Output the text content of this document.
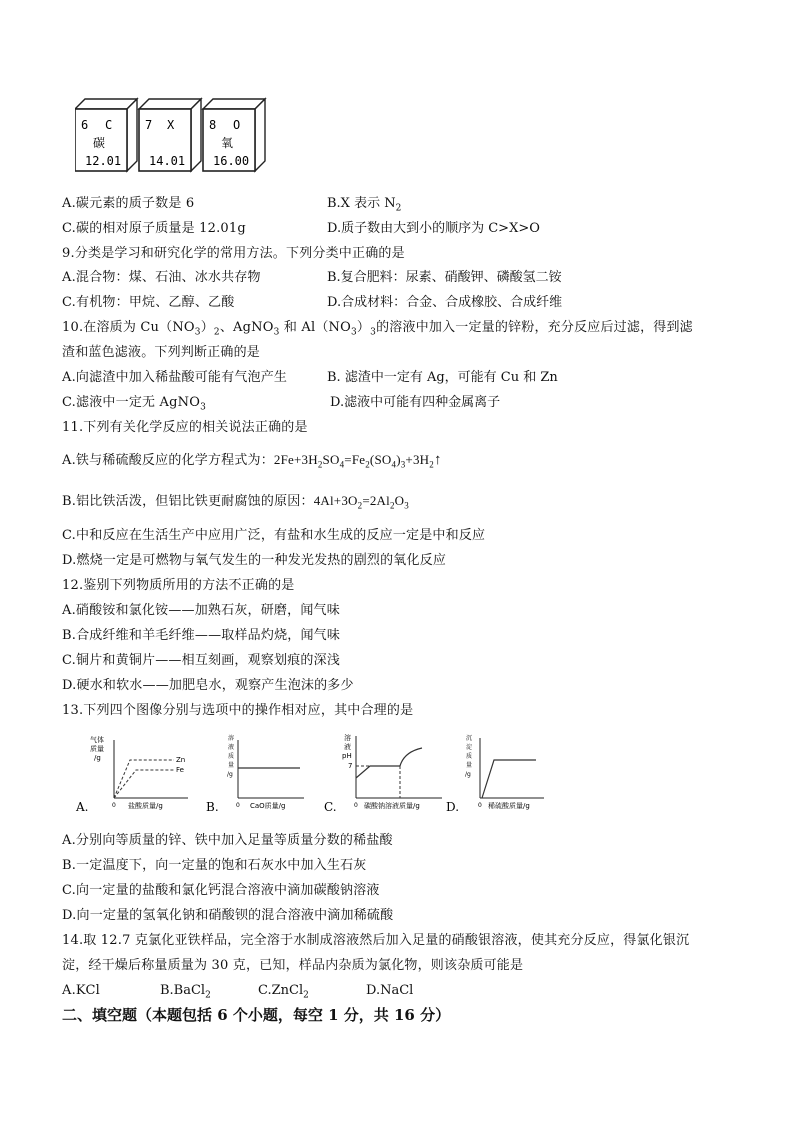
6 C
碳
12.01
7 X
14.01
8 O
氧
16.00
A.碳元素的质子数是 6	B.X 表示 $N_2$
C.碳的相对原子质量是 12.01g	D.质子数由大到小的顺序为 C>X>O
9.分类是学习和研究化学的常用方法。下列分类中正确的是
A.混合物：煤、石油、冰水共存物	B.复合肥料：尿素、硝酸钾、磷酸氢二铵
C.有机物：甲烷、乙醇、乙酸	D.合成材料：合金、合成橡胶、合成纤维
10.在溶质为 $Cu(NO_3)_2$、AgNO$_3$ 和 $Al(NO_3)_3$的溶液中加入一定量的锌粉，充分反应后过滤，得到滤
渣和蓝色滤液。下列判断正确的是
A.向滤渣中加入稀盐酸可能有气泡产生	B. 滤渣中一定有 Ag，可能有 Cu 和 Zn
C.滤液中一定无 AgNO$_3$	D.滤液中可能有四种金属离子
11.下列有关化学反应的相关说法正确的是
A.铁与稀硫酸反应的化学方程式为：$2Fe+3H_2SO_4=Fe_2(SO_4)_3+3H_2↑$
B.铝比铁活泼，但铝比铁更耐腐蚀的原因：$4Al+3O_2=2Al_2O_3$
C.中和反应在生活生产中应用广泛，有盐和水生成的反应一定是中和反应
D.燃烧一定是可燃物与氧气发生的一种发光发热的剧烈的氧化反应
12.鉴别下列物质所用的方法不正确的是
A.硝酸铵和氯化铵——加熟石灰，研磨，闻气味
B.合成纤维和羊毛纤维——取样品灼烧，闻气味
C.铜片和黄铜片——相互刻画，观察划痕的深浅
D.硬水和软水——加肥皂水，观察产生泡沫的多少
13.下列四个图像分别与选项中的操作相对应，其中合理的是
气体
质量
/g	Zn
Fe
0 盐酸质量/g
A.
溶
液
质
量
/g
0 CaO质量/g
B.
溶
液
pH
7
0 碳酸钠溶液质量/g
C.
沉
淀
质
量
/g
0 稀硫酸质量/g
D.
A.分别向等质量的锌、铁中加入足量等质量分数的稀盐酸
B.一定温度下，向一定量的饱和石灰水中加入生石灰
C.向一定量的盐酸和氯化钙混合溶液中滴加碳酸钠溶液
D.向一定量的氢氧化钠和硝酸钡的混合溶液中滴加稀硫酸
14.取 12.7 克氯化亚铁样品，完全溶于水制成溶液然后加入足量的硝酸银溶液，使其充分反应，得氯化银沉
淀，经干燥后称量质量为 30 克，已知，样品内杂质为氯化物，则该杂质可能是
A.KCl	B.BaCl$_2$	C.ZnCl$_2$	D.NaCl
二、填空题（本题包括 6 个小题，每空 1 分，共 16 分）
